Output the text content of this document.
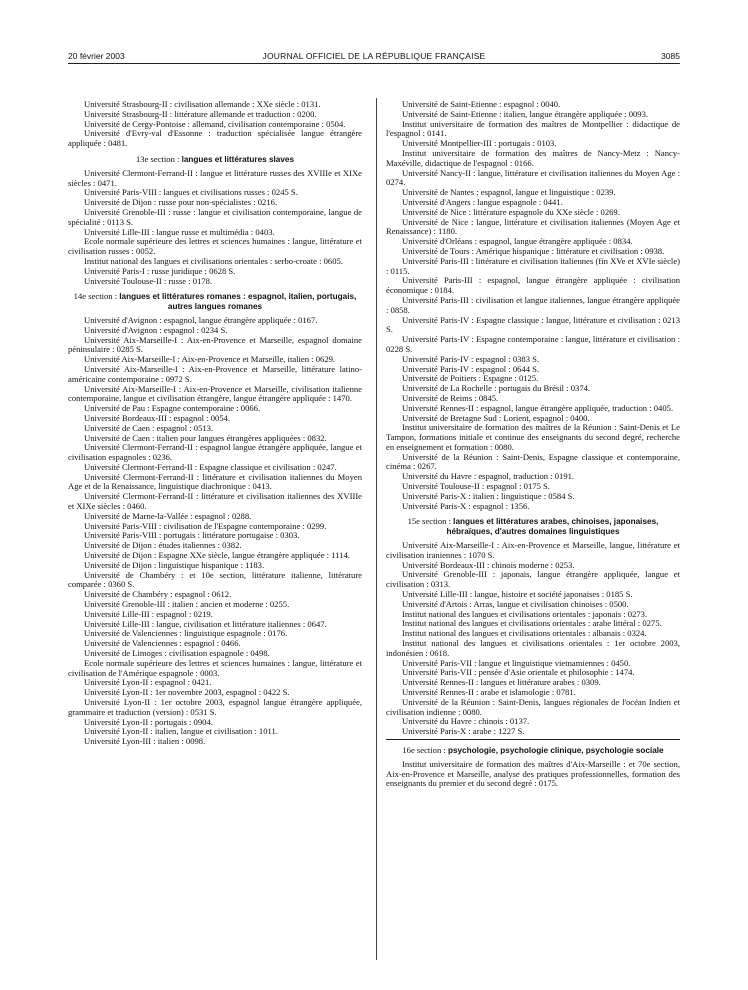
20 février 2003	JOURNAL OFFICIEL DE LA RÉPUBLIQUE FRANÇAISE	3085

Université Strasbourg-II : civilisation allemande : XXe siècle : 0131.

Université Strasbourg-II : littérature allemande et traduction : 0200.

Université de Cergy-Pontoise : allemand, civilisation contemporaine : 0504.

Université d'Evry-val d'Essonne : traduction spécialisée langue étrangère appliquée : 0481.

13e section : langues et littératures slaves

Université Clermont-Ferrand-II : langue et littérature russes des XVIIIe et XIXe siècles : 0471.

Université Paris-VIII : langues et civilisations russes : 0245 S.

Université de Dijon : russe pour non-spécialistes : 0216.

Université Grenoble-III : russe : langue et civilisation contemporaine, langue de spécialité : 0113 S.

Université Lille-III : langue russe et multimédia : 0403.

Ecole normale supérieure des lettres et sciences humaines : langue, littérature et civilisation russes : 0052.

Institut national des langues et civilisations orientales : serbo-croate : 0605.

Université Paris-I : russe juridique : 0628 S.

Université Toulouse-II : russe : 0178.

14e section : langues et littératures romanes : espagnol, italien, portugais, autres langues romanes

Université d'Avignon : espagnol, langue étrangère appliquée : 0167.

Université d'Avignon : espagnol : 0234 S.

Université Aix-Marseille-I : Aix-en-Provence et Marseille, espagnol domaine péninsulaire : 0285 S.

Université Aix-Marseille-I : Aix-en-Provence et Marseille, italien : 0629.

Université Aix-Marseille-I : Aix-en-Provence et Marseille, littérature latino-américaine contemporaine : 0972 S.

Université Aix-Marseille-I : Aix-en-Provence et Marseille, civilisation italienne contemporaine, langue et civilisation étrangère, langue étrangère appliquée : 1470.

Université de Pau : Espagne contemporaine : 0066.

Université Bordeaux-III : espagnol : 0054.

Université de Caen : espagnol : 0513.

Université de Caen : italien pour langues étrangères appliquées : 0832.

Université Clermont-Ferrand-II : espagnol langue étrangère appliquée, langue et civilisation espagnoles : 0236.

Université Clermont-Ferrand-II : Espagne classique et civilisation : 0247.

Université Clermont-Ferrand-II : littérature et civilisation italiennes du Moyen Age et de la Renaissance, linguistique diachronique : 0413.

Université Clermont-Ferrand-II : littérature et civilisation italiennes des XVIIIe et XIXe siècles : 0460.

Université de Marne-la-Vallée : espagnol : 0288.

Université Paris-VIII : civilisation de l'Espagne contemporaine : 0299.

Université Paris-VIII : portugais : littérature portugaise : 0303.

Université de Dijon : études italiennes : 0382.

Université de Dijon : Espagne XXe siècle, langue étrangère appliquée : 1114.

Université de Dijon : linguistique hispanique : 1183.

Université de Chambéry : et 10e section, littérature italienne, littérature comparée : 0360 S.

Université de Chambéry : espagnol : 0612.

Université Grenoble-III : italien : ancien et moderne : 0255.

Université Lille-III : espagnol : 0219.

Université Lille-III : langue, civilisation et littérature italiennes : 0647.

Université de Valenciennes : linguistique espagnole : 0176.

Université de Valenciennes : espagnol : 0466.

Université de Limoges : civilisation espagnole : 0498.

Ecole normale supérieure des lettres et sciences humaines : langue, littérature et civilisation de l'Amérique espagnole : 0003.

Université Lyon-II : espagnol : 0421.

Université Lyon-II : 1er novembre 2003, espagnol : 0422 S.

Université Lyon-II : 1er octobre 2003, espagnol langue étrangère appliquée, grammaire et traduction (version) : 0531 S.

Université Lyon-II : portugais : 0904.

Université Lyon-II : italien, langue et civilisation : 1011.

Université Lyon-III : italien : 0098.

Université de Saint-Etienne : espagnol : 0040.

Université de Saint-Etienne : italien, langue étrangère appliquée : 0093.

Institut universitaire de formation des maîtres de Montpellier : didactique de l'espagnol : 0141.

Université Montpellier-III : portugais : 0103.

Institut universitaire de formation des maîtres de Nancy-Metz : Nancy-Maxéville, didactique de l'espagnol : 0166.

Université Nancy-II : langue, littérature et civilisation italiennes du Moyen Age : 0274.

Université de Nantes : espagnol, langue et linguistique : 0239.

Université d'Angers : langue espagnole : 0441.

Université de Nice : littérature espagnole du XXe siècle : 0269.

Université de Nice : langue, littérature et civilisation italiennes (Moyen Age et Renaissance) : 1180.

Université d'Orléans : espagnol, langue étrangère appliquée : 0834.

Université de Tours : Amérique hispanique : littérature et civilisation : 0938.

Université Paris-III : littérature et civilisation italiennes (fin XVe et XVIe siècle) : 0115.

Université Paris-III : espagnol, langue étrangère appliquée : civilisation économique : 0184.

Université Paris-III : civilisation et langue italiennes, langue étrangère appliquée : 0858.

Université Paris-IV : Espagne classique : langue, littérature et civilisation : 0213 S.

Université Paris-IV : Espagne contemporaine : langue, littérature et civilisation : 0228 S.

Université Paris-IV : espagnol : 0383 S.

Université Paris-IV : espagnol : 0644 S.

Université de Poitiers : Espagne : 0125.

Université de La Rochelle : portugais du Brésil : 0374.

Université de Reims : 0845.

Université Rennes-II : espagnol, langue étrangère appliquée, traduction : 0405.

Université de Bretagne Sud : Lorient, espagnol : 0400.

Institut universitaire de formation des maîtres de la Réunion : Saint-Denis et Le Tampon, formations initiale et continue des enseignants du second degré, recherche en enseignement et formation : 0080.

Université de la Réunion : Saint-Denis, Espagne classique et contemporaine, cinéma : 0267.

Université du Havre : espagnol, traduction : 0191.

Université Toulouse-II : espagnol : 0175 S.

Université Paris-X : italien : linguistique : 0584 S.

Université Paris-X : espagnol : 1356.

15e section : langues et littératures arabes, chinoises, japonaises, hébraïques, d'autres domaines linguistiques

Université Aix-Marseille-I : Aix-en-Provence et Marseille, langue, littérature et civilisation iraniennes : 1070 S.

Université Bordeaux-III : chinois moderne : 0253.

Université Grenoble-III : japonais, langue étrangère appliquée, langue et civilisation : 0313.

Université Lille-III : langue, histoire et société japonaises : 0185 S.

Université d'Artois : Arras, langue et civilisation chinoises : 0500.

Institut national des langues et civilisations orientales : japonais : 0273.

Institut national des langues et civilisations orientales : arabe littéral : 0275.

Institut national des langues et civilisations orientales : albanais : 0324.

Institut national des langues et civilisations orientales : 1er octobre 2003, indonésien : 0618.

Université Paris-VII : langue et linguistique vietnamiennes : 0450.

Université Paris-VII : pensée d'Asie orientale et philosophie : 1474.

Université Rennes-II : langues et littérature arabes : 0309.

Université Rennes-II : arabe et islamologie : 0781.

Université de la Réunion : Saint-Denis, langues régionales de l'océan Indien et civilisation indienne : 0080.

Université du Havre : chinois : 0137.

Université Paris-X : arabe : 1227 S.

16e section : psychologie, psychologie clinique, psychologie sociale

Institut universitaire de formation des maîtres d'Aix-Marseille : et 70e section, Aix-en-Provence et Marseille, analyse des pratiques professionnelles, formation des enseignants du premier et du second degré : 0175.
